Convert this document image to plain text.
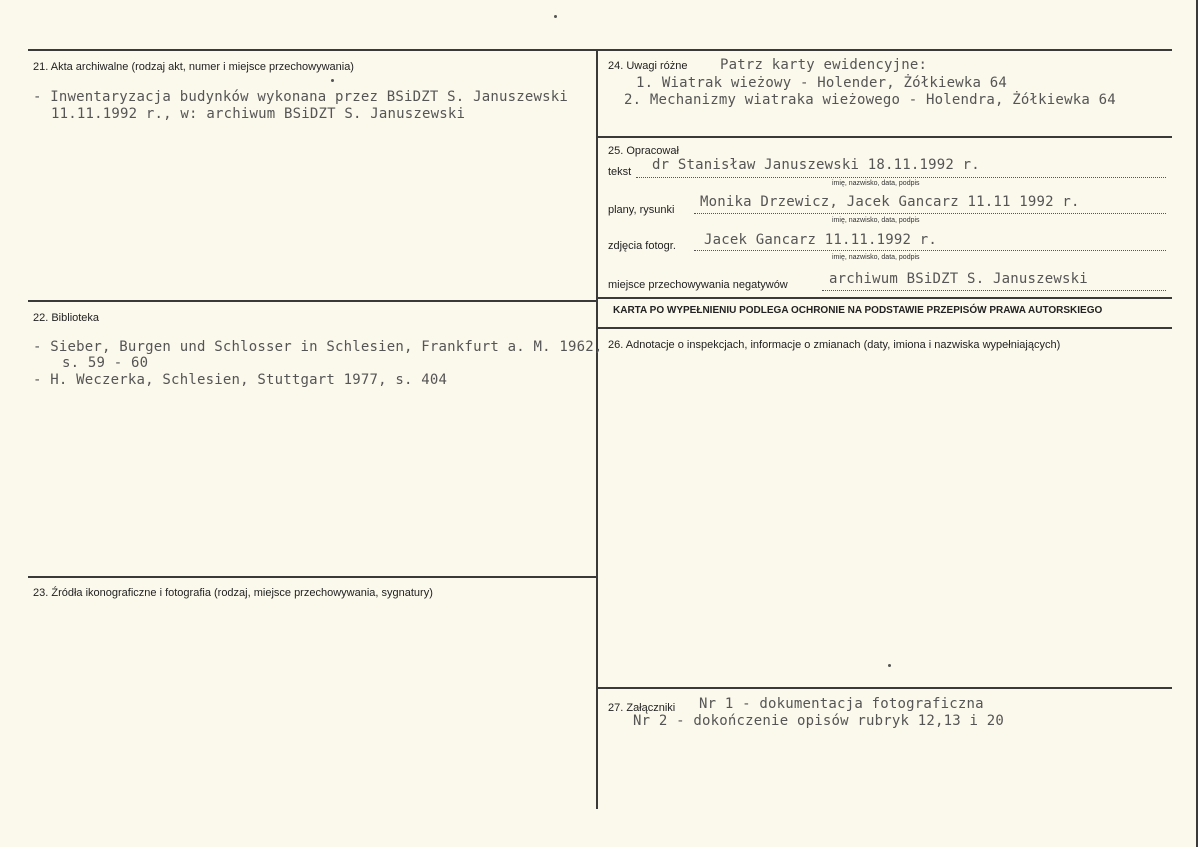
21. Akta archiwalne (rodzaj akt, numer i miejsce przechowywania)
- Inwentaryzacja budynków wykonana przez BSiDZT S. Januszewski
11.11.1992 r., w: archiwum BSiDZT S. Januszewski
22. Biblioteka
- Sieber, Burgen und Schlosser in Schlesien, Frankfurt a. M. 1962,
s. 59 - 60
- H. Weczerka, Schlesien, Stuttgart 1977, s. 404
23. Źródła ikonograficzne i fotografia (rodzaj, miejsce przechowywania, sygnatury)
24. Uwagi różne Patrz karty ewidencyjne:
1. Wiatrak wieżowy - Holender, Żółkiewka 64
2. Mechanizmy wiatraka wieżowego - Holendra, Żółkiewka 64
25. Opracował
tekst dr Stanisław Januszewski 18.11.1992 r.
imię, nazwisko, data, podpis
plany, rysunki Monika Drzewicz, Jacek Gancarz 11.11 1992 r.
imię, nazwisko, data, podpis
zdjęcia fotogr. Jacek Gancarz 11.11.1992 r.
imię, nazwisko, data, podpis
miejsce przechowywania negatywów	archiwum BSiDZT S. Januszewski
KARTA PO WYPEŁNIENIU PODLEGA OCHRONIE NA PODSTAWIE PRZEPISÓW PRAWA AUTORSKIEGO
26. Adnotacje o inspekcjach, informacje o zmianach (daty, imiona i nazwiska wypełniających)
27. Załączniki Nr 1 - dokumentacja fotograficzna
Nr 2 - dokończenie opisów rubryk 12,13 i 20
